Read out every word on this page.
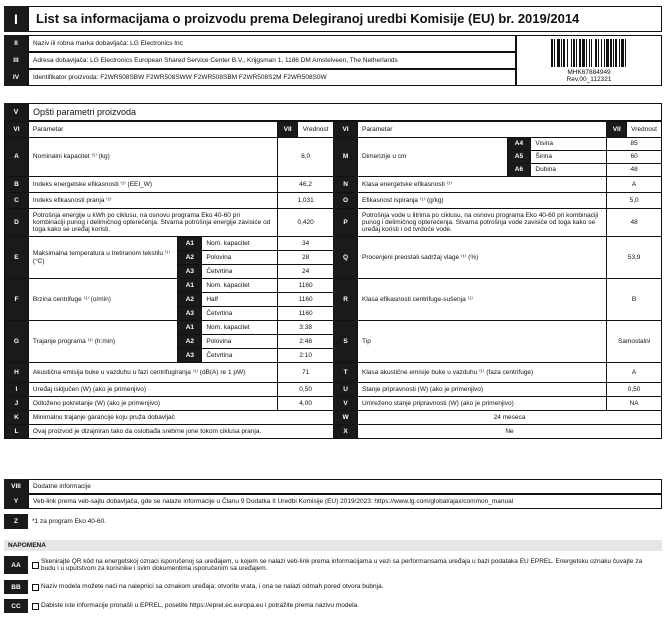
I	List sa informacijama o proizvodu prema Delegiranoj uredbi Komisije (EU) br. 2019/2014
II	Naziv ili robna marka dobavljača: LG Electronics Inc
III	Adresa dobavljača: LG Electronics European Shared Service Center B.V., Krijgsman 1, 1186 DM Amstelveen, The Netherlands
IV	Identifikator proizvoda: F2WR508SBW F2WR508SWW F2WR508SBM F2WR508S2M F2WR508S0W
MHK67884949
Rev.00_112321
V	Opšti parametri proizvoda
VI	Parametar			VII	Vrednost	VI	Parametar			VII	Vrednost
A	Nominalni kapacitet ⁽¹⁾ (kg)			8,0		M	Dimenzije u cm	A4	Visina	85	
								A5	Širina	60	
								A6	Dubina	48	
B	Indeks energetske efikasnosti ⁽¹⁾ (EEI_W)			46,2		N	Klasa energetske efikasnosti ⁽¹⁾			A	
C	Indeks efikasnosti pranja ⁽¹⁾			1,031		O	Efikasnost ispiranja ⁽¹⁾ (g/kg)			5,0	
D	Potrošnja energije u kWh po ciklusu, na osnovu programa Eko 40-60 pri kombinaciji punog i delimičnog opterećenja. Stvarna potrošnja energije zavisiće od toga kako se uređaj koristi.			0,420		P	Potrošnja vode u litrima po ciklusu, na osnovu programa Eko 40-60 pri kombinaciji punog i delimičnog opterećenja. Stvarna potrošnja vode zavisiće od toga kako se uređaj koristi i od tvrdoće vode.			48	
E	Maksimalna temperatura u tretiranom tekstilu ⁽¹⁾ (°C)	A1	Nom. kapacitet	34		Q	Procenjeni preostali sadržaj vlage ⁽¹⁾ (%)			53,9	
		A2	Polovina	28							
		A3	Četvrtina	24							
F	Brzina centrifuge ⁽¹⁾ (o/min)	A1	Nom. kapacitet	1160		R	Klasa efikasnosti centrifuge-sušenja ⁽¹⁾			B	
		A2	Half	1160							
		A3	Četvrtina	1160							
G	Trajanje programa ⁽¹⁾ (h:min)	A1	Nom. kapacitet	3:38		S	Tip			Samostalni	
		A2	Polovina	2:48							
		A3	Četvrtina	2:10							
H	Akustična emisija buke u vazduhu u fazi centrifugiranja ⁽¹⁾ (dB(A) re 1 pW)			71		T	Klasa akustične emisije buke u vazduhu ⁽¹⁾ (faza centrifuge)			A	
I	Uređaj isključen (W) (ako je primenjivo)			0,50		U	Stanje pripravnosti (W) (ako je primenjivo)			0,50	
J	Odloženo pokretanje (W) (ako je primenjivo)			4,00		V	Umreženo stanje pripravnosti (W) (ako je primenjivo)			NA	
K	Minimalno trajanje garancije koju pruža dobavljač					W	24 meseca				
L	Ovaj proizvod je dizajniran tako da oslobađa srebrne jone tokom ciklusa pranja.					X	Ne				
VIII	Dodatne informacije
Y	Veb-link prema veb-sajtu dobavljača, gde se nalaze informacije u Članu 9 Dodatka II Uredbi Komisije (EU) 2019/2023: https://www.lg.com/global/ajax/common_manual
Z	*1 za program Eko 40-60.
NAPOMENA
AA
Skenirajte QR kôd na energetskoj oznaci isporučenoj sa uređajem, u kojem se nalazi veb-link prema informacijama u vezi sa performansama uređaja u bazi podataka EU EPREL. Energetsku oznaku čuvajte za budu i u uputstvom za korisnike i svim dokumentima isporučenim sa uređajem.
BB	Naziv modela možete naći na nalepnici sa oznakom uređaja; otvorite vrata, i ona se nalazi odmah pored otvora bubnja.
CC	Dabiste iste informacije pronašli u EPREL, posetite https://eprel.ec.europa.eu i potražite prema nazivu modela.
